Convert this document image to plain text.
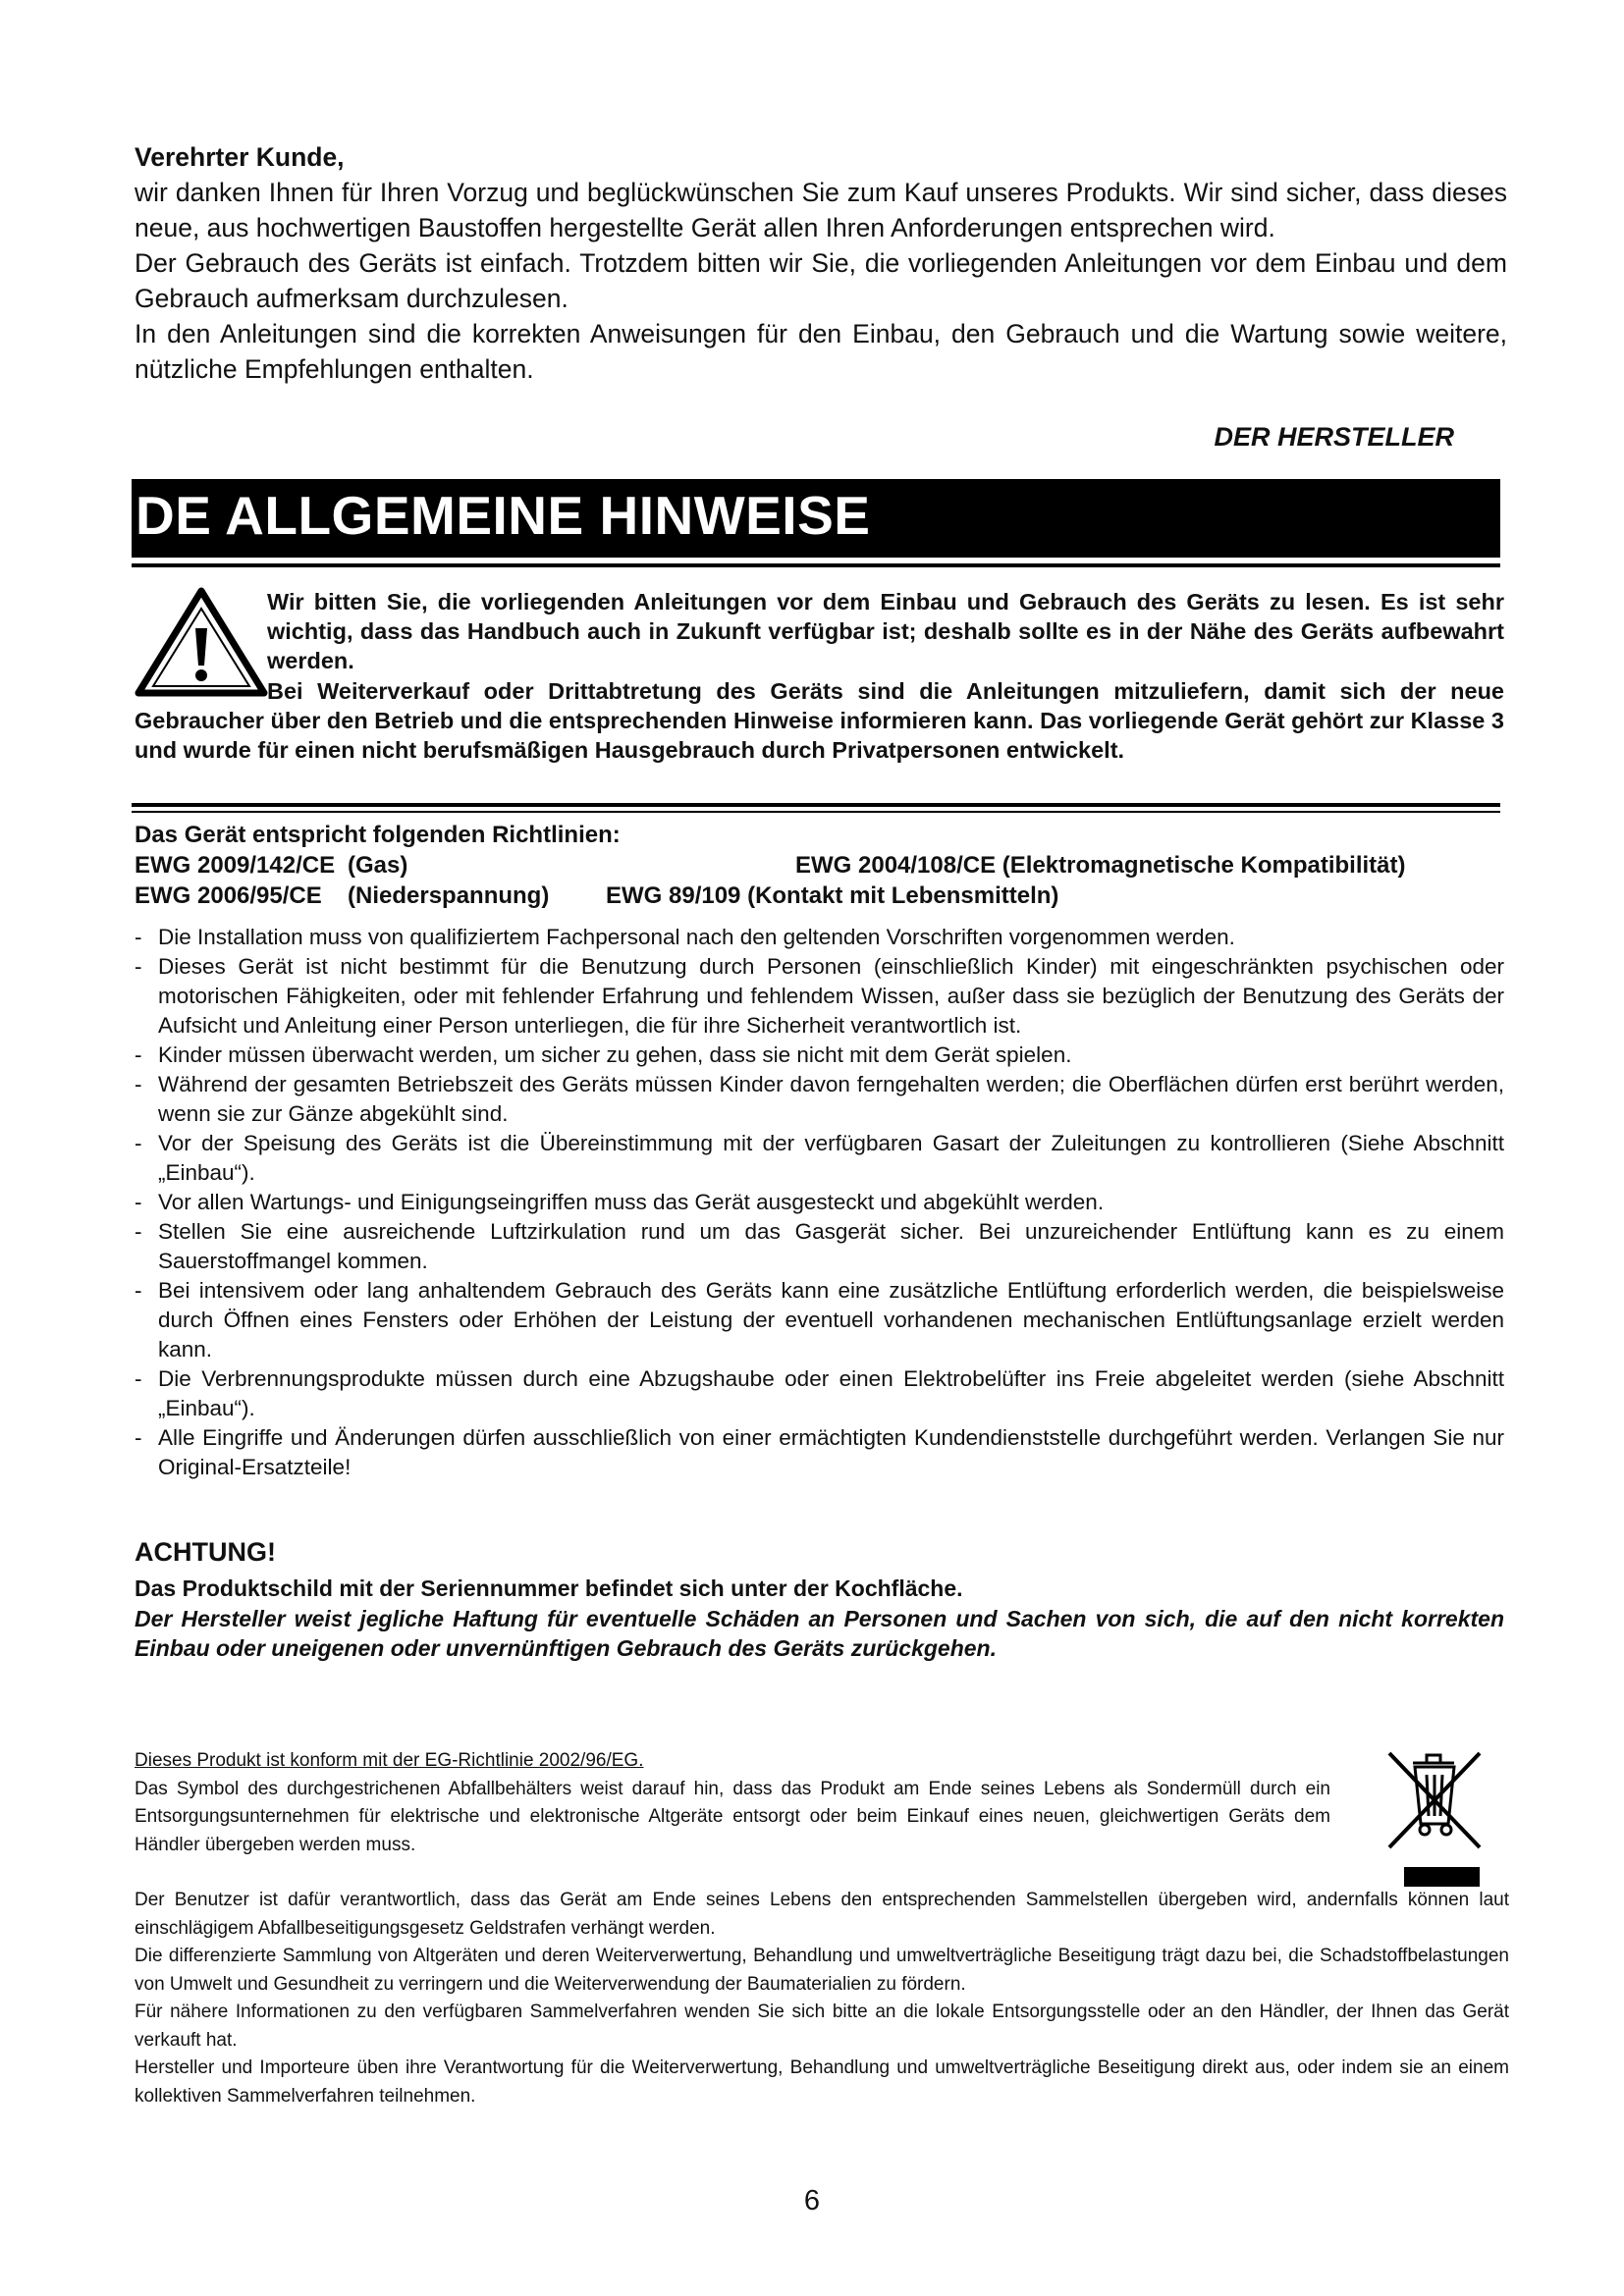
Verehrter Kunde,

wir danken Ihnen für Ihren Vorzug und beglückwünschen Sie zum Kauf unseres Produkts. Wir sind sicher, dass dieses neue, aus hochwertigen Baustoffen hergestellte Gerät allen Ihren Anforderungen entsprechen wird.

Der Gebrauch des Geräts ist einfach. Trotzdem bitten wir Sie, die vorliegenden Anleitungen vor dem Einbau und dem Gebrauch aufmerksam durchzulesen.

In den Anleitungen sind die korrekten Anweisungen für den Einbau, den Gebrauch und die Wartung sowie weitere, nützliche Empfehlungen enthalten.

DER HERSTELLER
DE ALLGEMEINE HINWEISE

Wir bitten Sie, die vorliegenden Anleitungen vor dem Einbau und Gebrauch des Geräts zu lesen. Es ist sehr wichtig, dass das Handbuch auch in Zukunft verfügbar ist; deshalb sollte es in der Nähe des Geräts aufbewahrt werden.

Bei Weiterverkauf oder Drittabtretung des Geräts sind die Anleitungen mitzuliefern, damit sich der neue Gebraucher über den Betrieb und die entsprechenden Hinweise informieren kann. Das vorliegende Gerät gehört zur Klasse 3 und wurde für einen nicht berufsmäßigen Hausgebrauch durch Privatpersonen entwickelt.
Das Gerät entspricht folgenden Richtlinien:
EWG 2009/142/CE (Gas)	EWG 2004/108/CE (Elektromagnetische Kompatibilität)
EWG 2006/95/CE (Niederspannung) EWG 89/109 (Kontakt mit Lebensmitteln)
- Die Installation muss von qualifiziertem Fachpersonal nach den geltenden Vorschriften vorgenommen werden.
- Dieses Gerät ist nicht bestimmt für die Benutzung durch Personen (einschließlich Kinder) mit eingeschränkten psychischen oder motorischen Fähigkeiten, oder mit fehlender Erfahrung und fehlendem Wissen, außer dass sie bezüglich der Benutzung des Geräts der Aufsicht und Anleitung einer Person unterliegen, die für ihre Sicherheit verantwortlich ist.
- Kinder müssen überwacht werden, um sicher zu gehen, dass sie nicht mit dem Gerät spielen.
- Während der gesamten Betriebszeit des Geräts müssen Kinder davon ferngehalten werden; die Oberflächen dürfen erst berührt werden, wenn sie zur Gänze abgekühlt sind.
- Vor der Speisung des Geräts ist die Übereinstimmung mit der verfügbaren Gasart der Zuleitungen zu kontrollieren (Siehe Abschnitt „Einbau“).
- Vor allen Wartungs- und Einigungseingriffen muss das Gerät ausgesteckt und abgekühlt werden.
- Stellen Sie eine ausreichende Luftzirkulation rund um das Gasgerät sicher. Bei unzureichender Entlüftung kann es zu einem Sauerstoffmangel kommen.
- Bei intensivem oder lang anhaltendem Gebrauch des Geräts kann eine zusätzliche Entlüftung erforderlich werden, die beispielsweise durch Öffnen eines Fensters oder Erhöhen der Leistung der eventuell vorhandenen mechanischen Entlüftungsanlage erzielt werden kann.
- Die Verbrennungsprodukte müssen durch eine Abzugshaube oder einen Elektrobelüfter ins Freie abgeleitet werden (siehe Abschnitt „Einbau“).
- Alle Eingriffe und Änderungen dürfen ausschließlich von einer ermächtigten Kundendienststelle durchgeführt werden. Verlangen Sie nur Original-Ersatzteile!
ACHTUNG!
Das Produktschild mit der Seriennummer befindet sich unter der Kochfläche.
Der Hersteller weist jegliche Haftung für eventuelle Schäden an Personen und Sachen von sich, die auf den nicht korrekten Einbau oder uneigenen oder unvernünftigen Gebrauch des Geräts zurückgehen.

Dieses Produkt ist konform mit der EG-Richtlinie 2002/96/EG.

Das Symbol des durchgestrichenen Abfallbehälters weist darauf hin, dass das Produkt am Ende seines Lebens als Sondermüll durch ein Entsorgungsunternehmen für elektrische und elektronische Altgeräte entsorgt oder beim Einkauf eines neuen, gleichwertigen Geräts dem Händler übergeben werden muss.

Der Benutzer ist dafür verantwortlich, dass das Gerät am Ende seines Lebens den entsprechenden Sammelstellen übergeben wird, andernfalls können laut einschlägigem Abfallbeseitigungsgesetz Geldstrafen verhängt werden.

Die differenzierte Sammlung von Altgeräten und deren Weiterverwertung, Behandlung und umweltverträgliche Beseitigung trägt dazu bei, die Schadstoffbelastungen von Umwelt und Gesundheit zu verringern und die Weiterverwendung der Baumaterialien zu fördern.

Für nähere Informationen zu den verfügbaren Sammelverfahren wenden Sie sich bitte an die lokale Entsorgungsstelle oder an den Händler, der Ihnen das Gerät verkauft hat.

Hersteller und Importeure üben ihre Verantwortung für die Weiterverwertung, Behandlung und umweltverträgliche Beseitigung direkt aus, oder indem sie an einem kollektiven Sammelverfahren teilnehmen.

6
